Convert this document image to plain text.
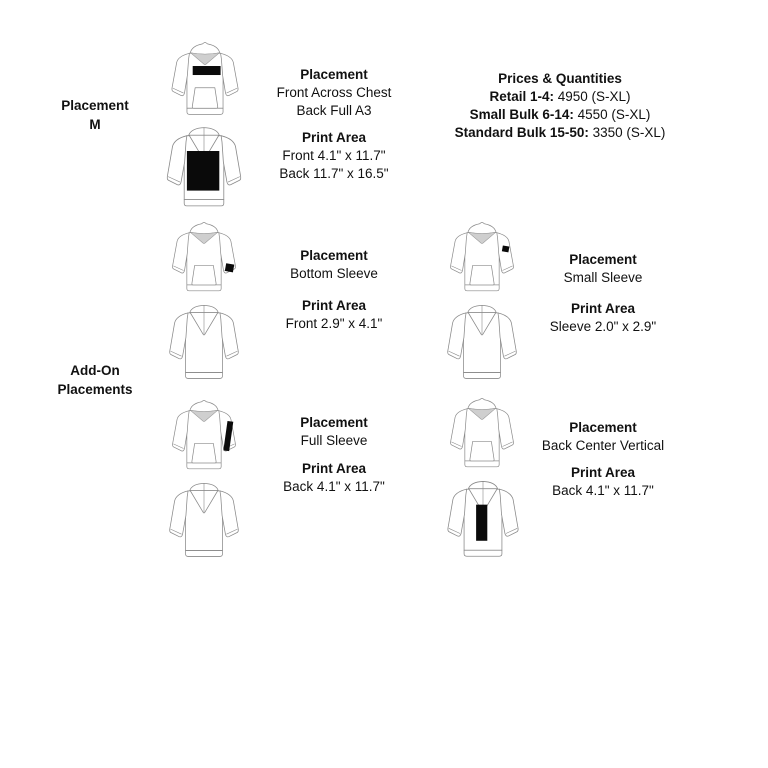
Placement
M
Add-On
Placements
Placement
Front Across Chest
Back Full A3
Print Area
Front 4.1" x 11.7"
Back 11.7" x 16.5"
Prices & Quantities
Retail 1-4: 4950 (S-XL)
Small Bulk 6-14: 4550 (S-XL)
Standard Bulk 15-50: 3350 (S-XL)
Placement
Bottom Sleeve
Print Area
Front 2.9" x 4.1"
Placement
Small Sleeve
Print Area
Sleeve 2.0" x 2.9"
Placement
Full Sleeve
Print Area
Back 4.1" x 11.7"
Placement
Back Center Vertical
Print Area
Back 4.1" x 11.7"
